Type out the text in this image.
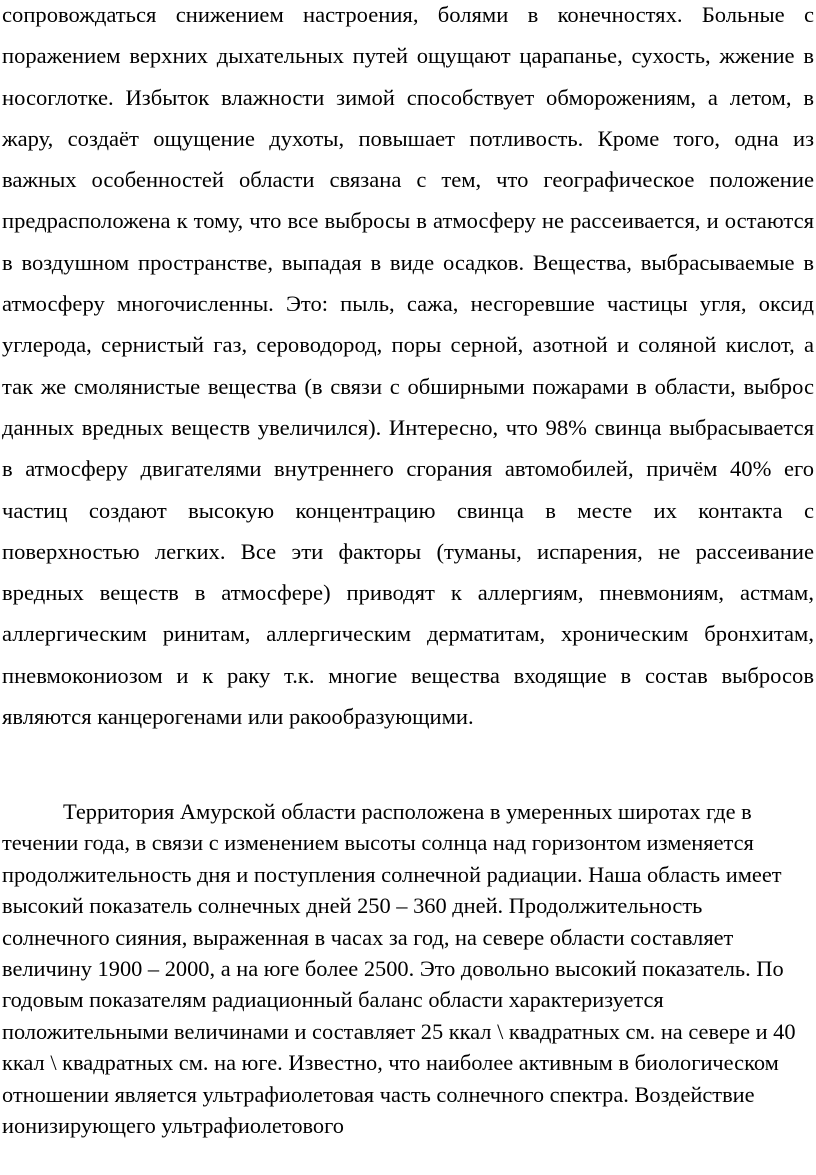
сопровождаться снижением настроения, болями в конечностях. Больные с поражением верхних дыхательных путей ощущают царапанье, сухость, жжение в носоглотке. Избыток влажности зимой способствует обморожениям, а летом, в жару, создаёт ощущение духоты, повышает потливость. Кроме того, одна из важных особенностей области связана с тем, что географическое положение предрасположена к тому, что все выбросы в атмосферу не рассеивается, и остаются в воздушном пространстве, выпадая в виде осадков. Вещества, выбрасываемые в атмосферу многочисленны. Это: пыль, сажа, несгоревшие частицы угля, оксид углерода, сернистый газ, сероводород, поры серной, азотной и соляной кислот, а так же смолянистые вещества (в связи с обширными пожарами в области, выброс данных вредных веществ увеличился). Интересно, что 98% свинца выбрасывается в атмосферу двигателями внутреннего сгорания автомобилей, причём 40% его частиц создают высокую концентрацию свинца в месте их контакта с поверхностью легких. Все эти факторы (туманы, испарения, не рассеивание вредных веществ в атмосфере) приводят к аллергиям, пневмониям, астмам, аллергическим ринитам, аллергическим дерматитам, хроническим бронхитам, пневмокониозом и к раку т.к. многие вещества входящие в состав выбросов являются канцерогенами или ракообразующими.

Территория Амурской области расположена в умеренных широтах где в течении года, в связи с изменением высоты солнца над горизонтом изменяется продолжительность дня и поступления солнечной радиации. Наша область имеет высокий показатель солнечных дней 250 – 360 дней. Продолжительность солнечного сияния, выраженная в часах за год, на севере области составляет величину 1900 – 2000, а на юге более 2500. Это довольно высокий показатель. По годовым показателям радиационный баланс области характеризуется положительными величинами и составляет 25 ккал \ квадратных см. на севере и 40 ккал \ квадратных см. на юге. Известно, что наиболее активным в биологическом отношении является ультрафиолетовая часть солнечного спектра. Воздействие ионизирующего ультрафиолетового
